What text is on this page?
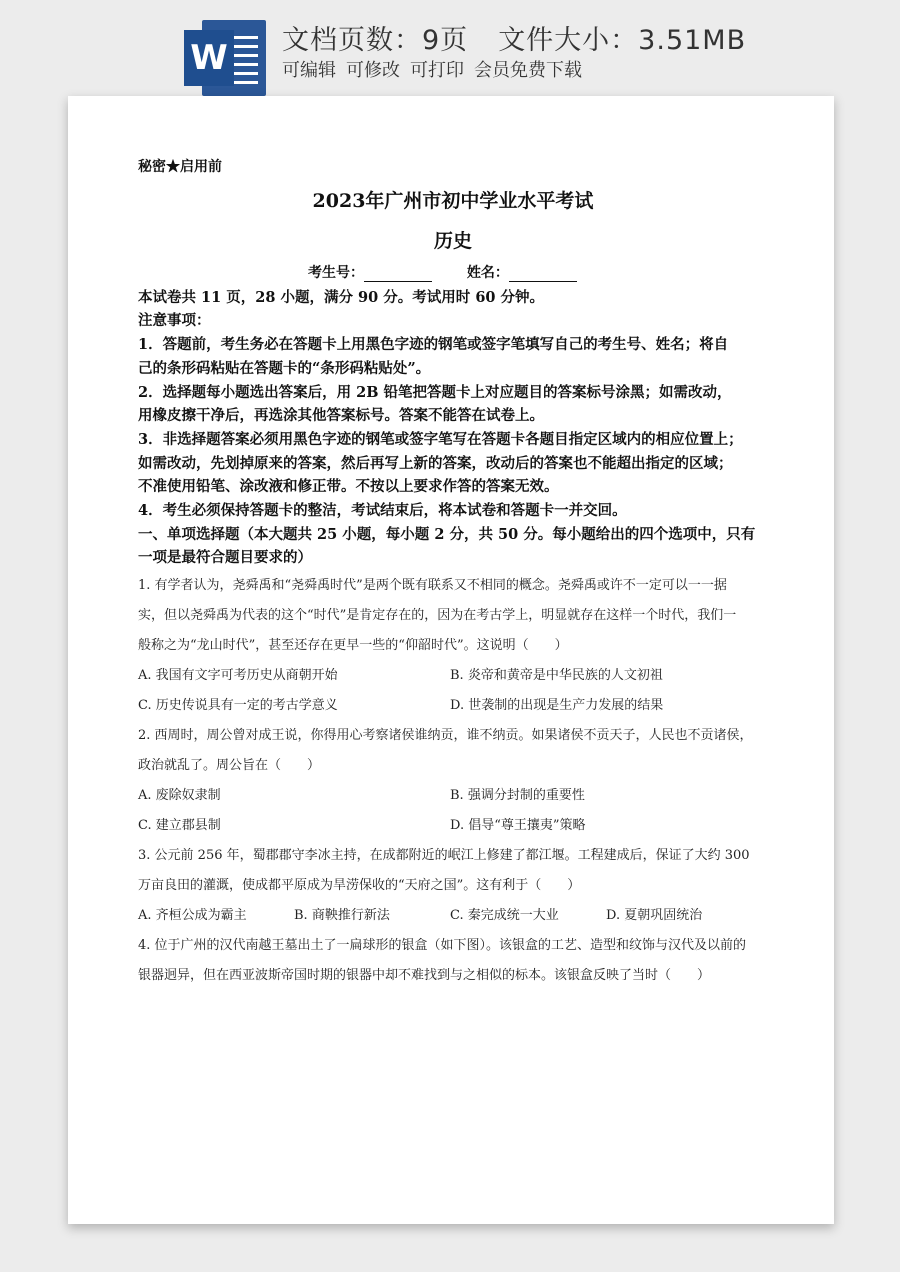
W 文档页数：9页 文件大小：3.51MB
可编辑 可修改 可打印 会员免费下载
秘密★启用前
2023年广州市初中学业水平考试
历史
考生号：	姓名：
本试卷共 11 页，28 小题，满分 90 分。考试用时 60 分钟。
注意事项：
1．答题前，考生务必在答题卡上用黑色字迹的钢笔或签字笔填写自己的考生号、姓名；将自
己的条形码粘贴在答题卡的“条形码粘贴处”。
2．选择题每小题选出答案后，用 2B 铅笔把答题卡上对应题目的答案标号涂黑；如需改动，
用橡皮擦干净后，再选涂其他答案标号。答案不能答在试卷上。
3．非选择题答案必须用黑色字迹的钢笔或签字笔写在答题卡各题目指定区域内的相应位置上；
如需改动，先划掉原来的答案，然后再写上新的答案，改动后的答案也不能超出指定的区域；
不准使用铅笔、涂改液和修正带。不按以上要求作答的答案无效。
4．考生必须保持答题卡的整洁，考试结束后，将本试卷和答题卡一并交回。
一、单项选择题（本大题共 25 小题，每小题 2 分，共 50 分。每小题给出的四个选项中，只有
一项是最符合题目要求的）
1. 有学者认为，尧舜禹和“尧舜禹时代”是两个既有联系又不相同的概念。尧舜禹或许不一定可以一一据
实，但以尧舜禹为代表的这个“时代”是肯定存在的，因为在考古学上，明显就存在这样一个时代，我们一
般称之为“龙山时代”，甚至还存在更早一些的“仰韶时代”。这说明（　　）
A. 我国有文字可考历史从商朝开始	B. 炎帝和黄帝是中华民族的人文初祖
C. 历史传说具有一定的考古学意义	D. 世袭制的出现是生产力发展的结果
2. 西周时，周公曾对成王说，你得用心考察诸侯谁纳贡，谁不纳贡。如果诸侯不贡天子，人民也不贡诸侯，
政治就乱了。周公旨在（　　）
A. 废除奴隶制	B. 强调分封制的重要性
C. 建立郡县制	D. 倡导“尊王攘夷”策略
3. 公元前 256 年，蜀郡郡守李冰主持，在成都附近的岷江上修建了都江堰。工程建成后，保证了大约 300
万亩良田的灌溉，使成都平原成为旱涝保收的“天府之国”。这有利于（　　）
A. 齐桓公成为霸主	B. 商鞅推行新法	C. 秦完成统一大业	D. 夏朝巩固统治
4. 位于广州的汉代南越王墓出土了一扁球形的银盒（如下图）。该银盒的工艺、造型和纹饰与汉代及以前的
银器迥异，但在西亚波斯帝国时期的银器中却不难找到与之相似的标本。该银盒反映了当时（　　）
